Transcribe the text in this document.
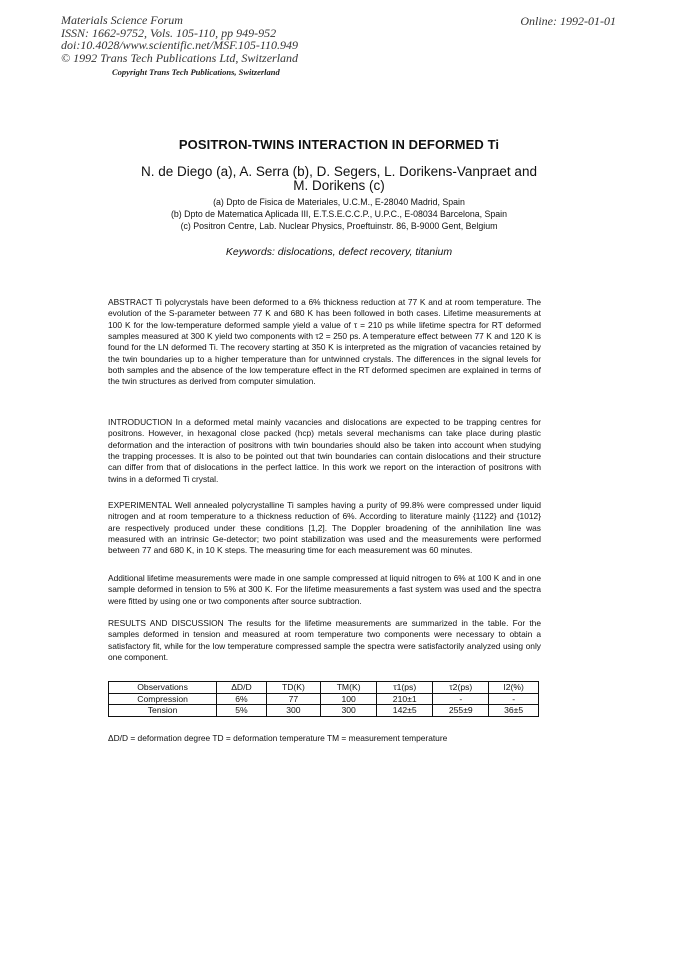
Materials Science Forum
ISSN: 1662-9752, Vols. 105-110, pp 949-952
doi:10.4028/www.scientific.net/MSF.105-110.949
© 1992 Trans Tech Publications Ltd, Switzerland
Online: 1992-01-01
Copyright Trans Tech Publications, Switzerland
POSITRON-TWINS INTERACTION IN DEFORMED Ti
N. de Diego (a), A. Serra (b), D. Segers, L. Dorikens-Vanpraet and
M. Dorikens (c)
(a) Dpto de Fisica de Materiales, U.C.M., E-28040 Madrid, Spain
(b) Dpto de Matematica Aplicada III, E.T.S.E.C.C.P., U.P.C., E-08034 Barcelona, Spain
(c) Positron Centre, Lab. Nuclear Physics, Proeftuinstr. 86, B-9000 Gent, Belgium
Keywords: dislocations, defect recovery, titanium
ABSTRACT Ti polycrystals have been deformed to a 6% thickness reduction at 77 K and at room temperature. The evolution of the S-parameter between 77 K and 680 K has been followed in both cases. Lifetime measurements at 100 K for the low-temperature deformed sample yield a value of τ = 210 ps while lifetime spectra for RT deformed samples measured at 300 K yield two components with τ2 = 250 ps. A temperature effect between 77 K and 120 K is found for the LN deformed Ti. The recovery starting at 350 K is interpreted as the migration of vacancies retained by the twin boundaries up to a higher temperature than for untwinned crystals. The differences in the signal levels for both samples and the absence of the low temperature effect in the RT deformed specimen are explained in terms of the twin structures as derived from computer simulation.
INTRODUCTION In a deformed metal mainly vacancies and dislocations are expected to be trapping centres for positrons. However, in hexagonal close packed (hcp) metals several mechanisms can take place during plastic deformation and the interaction of positrons with twin boundaries should also be taken into account when studying the trapping processes. It is also to be pointed out that twin boundaries can contain dislocations and their structure can differ from that of dislocations in the perfect lattice. In this work we report on the interaction of positrons with twins in a deformed Ti crystal.
EXPERIMENTAL Well annealed polycrystalline Ti samples having a purity of 99.8% were compressed under liquid nitrogen and at room temperature to a thickness reduction of 6%. According to literature mainly {1122} and {1012} are respectively produced under these conditions [1,2]. The Doppler broadening of the annihilation line was measured with an intrinsic Ge-detector; two point stabilization was used and the measurements were performed between 77 and 680 K, in 10 K steps. The measuring time for each measurement was 60 minutes.
Additional lifetime measurements were made in one sample compressed at liquid nitrogen to 6% at 100 K and in one sample deformed in tension to 5% at 300 K. For the lifetime measurements a fast system was used and the spectra were fitted by using one or two components after source subtraction.
RESULTS AND DISCUSSION The results for the lifetime measurements are summarized in the table. For the samples deformed in tension and measured at room temperature two components were necessary to obtain a satisfactory fit, while for the low temperature compressed sample the spectra were satisfactorily analyzed using only one component.
Observations	ΔD/D	TD(K)	TM(K)	τ1(ps)	τ2(ps)	I2(%)
Compression	6%	77	100	210±1	-	-
Tension	5%	300	300	142±5	255±9	36±5
ΔD/D = deformation degree TD = deformation temperature TM = measurement temperature
